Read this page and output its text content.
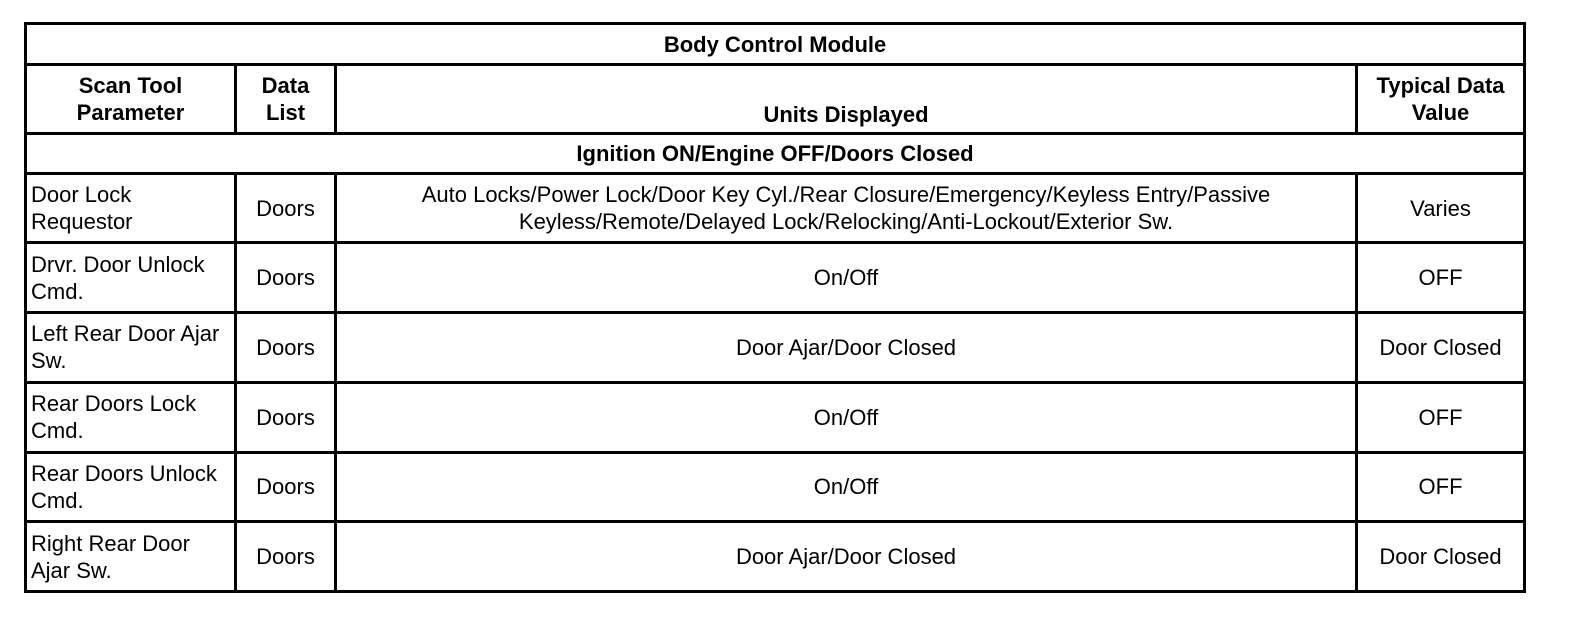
Body Control Module			
Scan Tool Parameter	Data List	Units Displayed	Typical Data Value
Ignition ON/Engine OFF/Doors Closed			
Door Lock Requestor	Doors	Auto Locks/Power Lock/Door Key Cyl./Rear Closure/Emergency/Keyless Entry/Passive Keyless/Remote/Delayed Lock/Relocking/Anti-Lockout/Exterior Sw.	Varies
Drvr. Door Unlock Cmd.	Doors	On/Off	OFF
Left Rear Door Ajar Sw.	Doors	Door Ajar/Door Closed	Door Closed
Rear Doors Lock Cmd.	Doors	On/Off	OFF
Rear Doors Unlock Cmd.	Doors	On/Off	OFF
Right Rear Door Ajar Sw.	Doors	Door Ajar/Door Closed	Door Closed
